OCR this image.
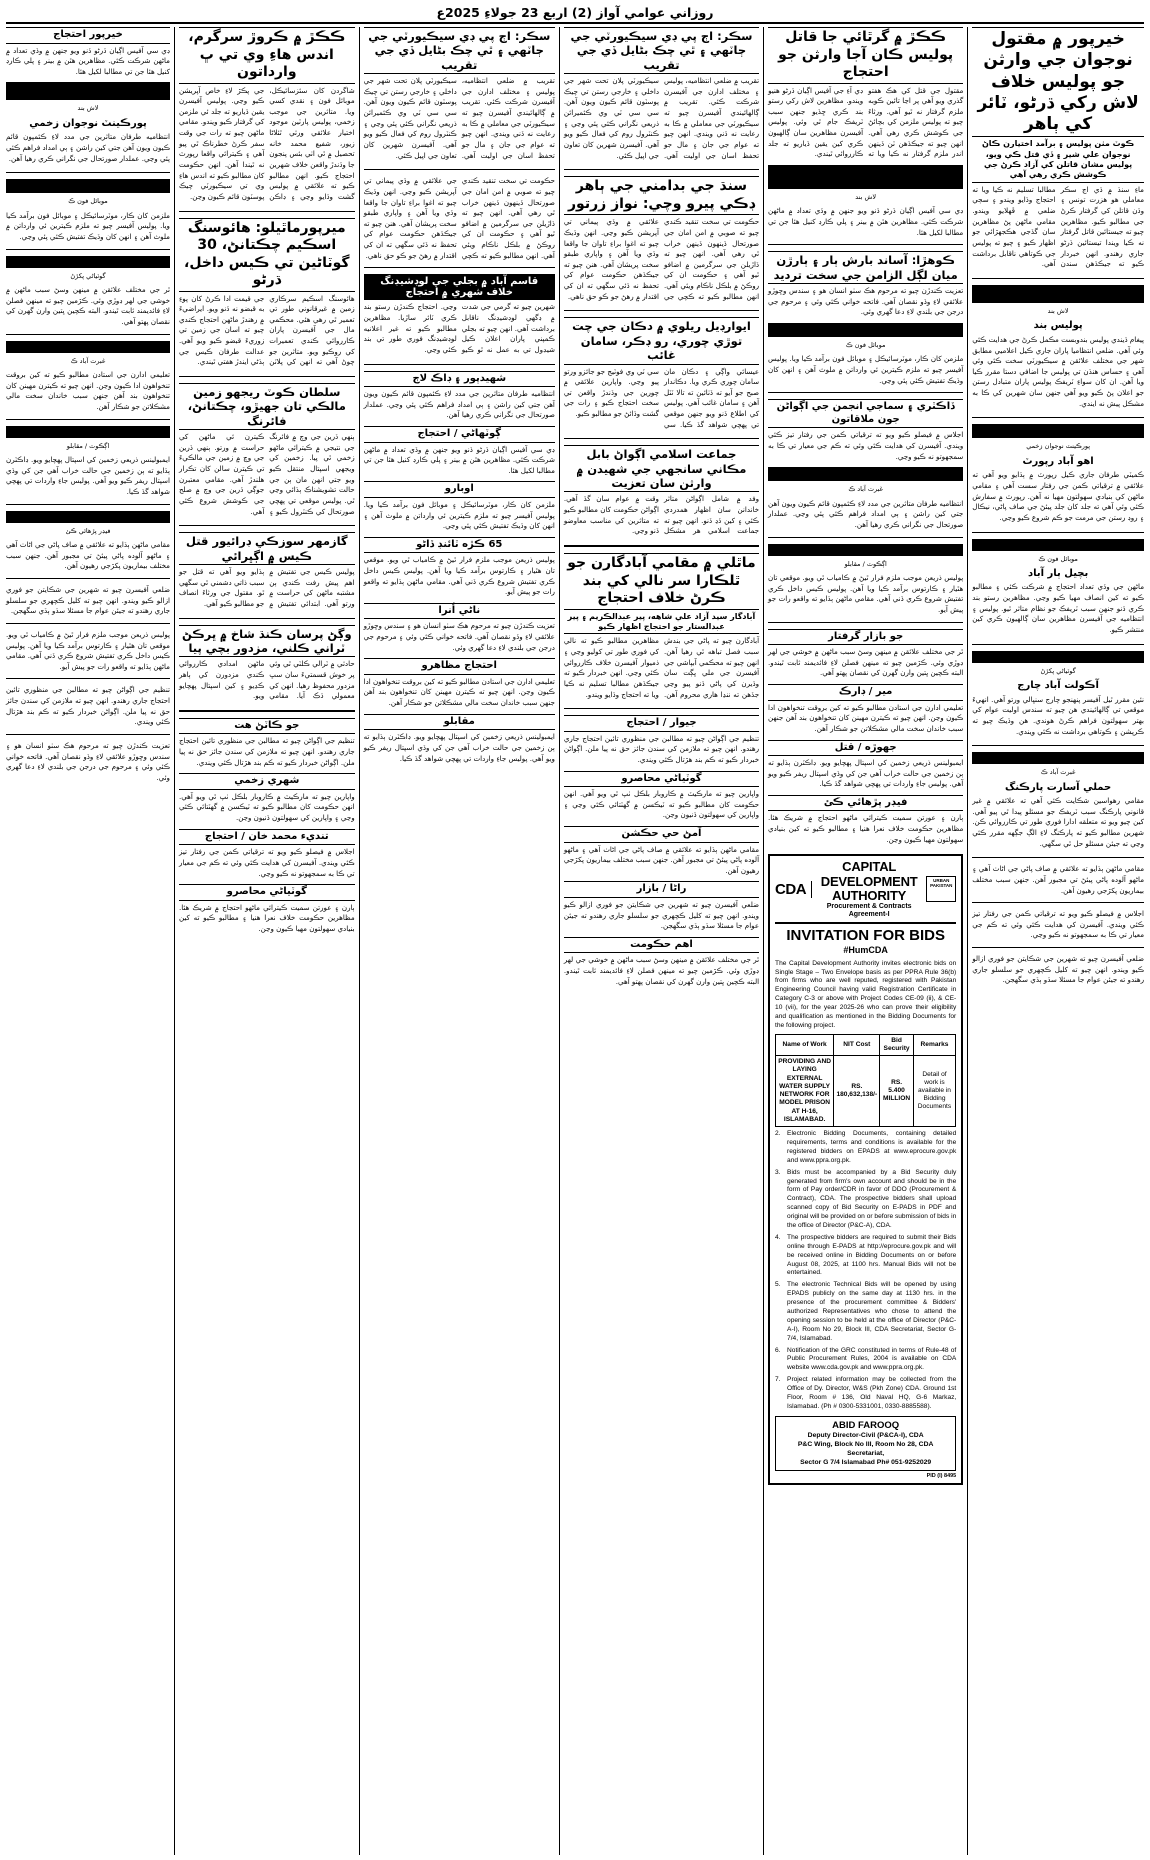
روزاني عوامي آواز (2) اربع 23 جولاءِ 2025ع
خيرپور ۾ مقتول نوجوان جي وارثن جو پوليس خلاف لاش رکي ڌرڻو، ٽائر کي ٻاهر
ڪوٽ مٺن پوليس ۽ برآمد اختيارن ڪاڻ نوجوان علي شير ۽ ڏي قتل ڪي ويو، پوليس مشان قاتلن کي آزاد ڪرڻ جي ڪوشش ڪري رهي آهي
ماءِ سنڌ ۾ ڏي اڄ سڪر معاملي هو هزرت تونس ۽ وڌن قاتلن کي گرفتار ڪرڻ جي مطالبو ڪيو. مظاهرين چيو ته جيستائين قاتل گرفتار نه ڪيا ويندا تيستائين ڌرڻو جاري رهندو. انهن خبردار ڪيو ته جيڪڏهن سندن مطالبا تسليم نه ڪيا ويا ته احتجاج وڌايو ويندو ۽ سڄي ضلعي ۾ ڦهلايو ويندو. مقامي ماڻهن پڻ مظاهرين سان گڏجي هڪجهڙائي جو اظهار ڪيو ۽ چيو ته پوليس جي ڪوتاهي ناقابل برداشت آهي.
لاش بند
پولیس بند
پيغام ڏيندي پوليس بندوبست مڪمل ڪرڻ جي هدايت ڪئي وئي آهي. ضلعي انتظاميا پاران جاري ڪيل اعلاميي مطابق شهر جي مختلف علائقن ۾ سيڪيورٽي سخت ڪئي وئي آهي ۽ حساس هنڌن تي پوليس جا اضافي دستا مقرر ڪيا ويا آهن. ان کان سواءِ ٽريفڪ پوليس پاران متبادل رستن جو اعلان پڻ ڪيو ويو آهي جنهن سان شهرين کي ڪا به مشڪل پيش نه ايندي.
پورڪينٽ نوجوان زخمي
اهو آباد رپورٽ
ڪميٽي طرفان جاري ڪيل رپورٽ ۾ ٻڌايو ويو آهي ته علائقي ۾ ترقياتي ڪمن جي رفتار سست آهي ۽ مقامي ماڻهن کي بنيادي سهولتون مهيا نه آهن. رپورٽ ۾ سفارش ڪئي وئي آهي ته جلد کان جلد پيئڻ جي صاف پاڻي، نيڪال ۽ روڊ رستن جي مرمت جو ڪم شروع ڪيو وڃي.
موبائل فون ڪ
بچيل ٻار آباد
ماڻهن جي وڏي تعداد احتجاج ۾ شرڪت ڪئي ۽ مطالبو ڪيو ته کين انصاف مهيا ڪيو وڃي. مظاهرين رستو بند ڪري ڏنو جنهن سبب ٽريفڪ جو نظام متاثر ٿيو. پوليس ۽ انتظاميه جي آفيسرن مظاهرين سان ڳالهيون ڪري کين منتشر ڪيو.
گوٽياڻي پکڙڻ
آڪولت آباد چارج
نئين مقرر ٿيل آفيسر پنهنجو چارج سنڀالي ورتو آهي. انهيءَ موقعي تي ڳالهائيندي هن چيو ته سندس اوليت عوام کي بهتر سهولتون فراهم ڪرڻ هوندي. هن وڌيڪ چيو ته ڪرپشن ۽ ڪوتاهي برداشت نه ڪئي ويندي.
غبرت آباد ڪ
حملي آسارت پارڪنگ
مقامي رهواسين شڪايت ڪئي آهي ته علائقي ۾ غير قانوني پارڪنگ سبب ٽريفڪ جو مسئلو پيدا ٿي پيو آهي. کين چيو ويو ته متعلقه ادارا فوري طور تي ڪارروائي ڪن. شهرين مطالبو ڪيو ته پارڪنگ لاءِ الڳ جڳهه مقرر ڪئي وڃي ته جيئن مسئلو حل ٿي سگهي.
مقامي ماڻهن ٻڌايو ته علائقي ۾ صاف پاڻي جي اڻاٺ آهي ۽ ماڻهو آلوده پاڻي پيئڻ تي مجبور آهن. جنهن سبب مختلف بيماريون پکڙجي رهيون آهن.
اجلاس ۾ فيصلو ڪيو ويو ته ترقياتي ڪمن جي رفتار تيز ڪئي ويندي. آفيسرن کي هدايت ڪئي وئي ته ڪم جي معيار تي ڪا به سمجهوتو نه ڪيو وڃي.
ضلعي آفيسرن چيو ته شهرين جي شڪايتن جو فوري ازالو ڪيو ويندو. انهن چيو ته کليل ڪچهري جو سلسلو جاري رهندو ته جيئن عوام جا مسئلا سڌو ٻڌي سگهجن.
ڪڪڙ ۾ گرٿائي جا قاتل پوليس ڪان آجا وارثن جو احتجاج
مقتول جي قتل کي هڪ هفتو گذري ويو آهي پر اڃا تائين ڪوبه ملزم گرفتار نه ٿيو آهي. ورثاءَ چيو ته پوليس ملزمن کي بچائڻ جي ڪوشش ڪري رهي آهي. انهن چيو ته جيڪڏهن ٽن ڏينهن اندر ملزم گرفتار نه ڪيا ويا ته ڊي آءِ جي آفيس اڳيان ڌرڻو هنيو ويندو. مظاهرين لاش رکي رستو بند ڪري ڇڏيو جنهن سبب ٽريفڪ جام ٿي وئي. پوليس آفيسرن مظاهرين سان ڳالهيون ڪري کين يقين ڏياريو ته جلد ڪارروائي ٿيندي.
لاش بند
ڊي سي آفيس اڳيان ڌرڻو ڏنو ويو جنهن ۾ وڏي تعداد ۾ ماڻهن شرڪت ڪئي. مظاهرين هٿن ۾ بينر ۽ پلي ڪارڊ کنيل هئا جن تي مطالبا لکيل هئا.
ڪوهڙا: آساند بارش ٻار ۽ ٻارڙن ميان لڳل الزامن جي سخت ترديد
تعزيت ڪندڙن چيو ته مرحوم هڪ سٺو انسان هو ۽ سندس وڇوڙو علائقي لاءِ وڏو نقصان آهي. فاتحه خواني ڪئي وئي ۽ مرحوم جي درجن جي بلندي لاءِ دعا گهري وئي.
موبائل فون ڪ
ملزمن کان ڪار، موٽرسائيڪل ۽ موبائل فون برآمد ڪيا ويا. پوليس آفيسر چيو ته ملزم ڪيترين ئي وارداتن ۾ ملوث آهن ۽ انهن کان وڌيڪ تفتيش ڪئي پئي وڃي.
ڏاڪٽري ۽ سماجي انجمن جي اڳواڻن جون ملاقاتون
اجلاس ۾ فيصلو ڪيو ويو ته ترقياتي ڪمن جي رفتار تيز ڪئي ويندي. آفيسرن کي هدايت ڪئي وئي ته ڪم جي معيار تي ڪا به سمجهوتو نه ڪيو وڃي.
غبرت آباد ڪ
انتظاميه طرفان متاثرين جي مدد لاءِ ڪئمپون قائم ڪيون ويون آهن جتي کين راشن ۽ ٻي امداد فراهم ڪئي پئي وڃي. عملدار صورتحال جي نگراني ڪري رهيا آهن.
اڳڪوٽ / مقابلو
پوليس ذريعن موجب ملزم فرار ٿيڻ ۾ ڪامياب ٿي ويو. موقعي تان هٿيار ۽ ڪارتوس برآمد ڪيا ويا آهن. پوليس ڪيس داخل ڪري تفتيش شروع ڪري ڏني آهي. مقامي ماڻهن ٻڌايو ته واقعو رات جو پيش آيو.
جو بازار گرفتار
ٿر جي مختلف علائقن ۾ مينهن وسڻ سبب ماڻهن ۾ خوشي جي لهر ڊوڙي وئي. ڪڙمين چيو ته مينهن فصلن لاءِ فائديمند ثابت ٿيندو. البته ڪچين ڀتين وارن گهرن کي نقصان پهتو آهي.
مير / ڊارڪ
تعليمي ادارن جي استادن مطالبو ڪيو ته کين بروقت تنخواهون ادا ڪيون وڃن. انهن چيو ته ڪيترن مهينن کان تنخواهون بند آهن جنهن سبب خاندان سخت مالي مشڪلاتن جو شڪار آهن.
جهوڙه / قتل
ايمبولينس ذريعي زخمين کي اسپتال پهچايو ويو. ڊاڪٽرن ٻڌايو ته ٻن زخمين جي حالت خراب آهي جن کي وڏي اسپتال ريفر ڪيو ويو آهي. پوليس جاءِ واردات تي پهچي شواهد گڏ ڪيا.
فيڊر پڙهائي ڪئ
ٻارن ۽ عورتن سميت ڪيترائي ماڻهو احتجاج ۾ شريڪ هئا. مظاهرين حڪومت خلاف نعرا هنيا ۽ مطالبو ڪيو ته کين بنيادي سهولتون مهيا ڪيون وڃن.
CDA
CAPITAL DEVELOPMENT AUTHORITY
Procurement & Contracts Agreement-I
URBAN PAKISTAN
INVITATION FOR BIDS
#HumCDA
The Capital Development Authority invites electronic bids on Single Stage – Two Envelope basis as per PPRA Rule 36(b) from firms who are well reputed, registered with Pakistan Engineering Council having valid Registration Certificate in Category C-3 or above with Project Codes CE-09 (ii), & CE-10 (vii), for the year 2025-26 who can prove their eligibility and qualification as mentioned in the Bidding Documents for the following project.
Name of Work	NIT Cost	Bid Security	Remarks
PROVIDING AND LAYING EXTERNAL WATER SUPPLY NETWORK FOR MODEL PRISON AT H-16, ISLAMABAD.	RS. 180,632,138/-	RS. 5.400 MILLION	Detail of work is available in Bidding Documents
2. Electronic Bidding Documents, containing detailed requirements, terms and conditions is available for the registered bidders on EPADS at www.eprocure.gov.pk and www.ppra.org.pk.
3. Bids must be accompanied by a Bid Security duly generated from firm's own account and should be in the form of Pay order/CDR in favor of DDO (Procurement & Contract), CDA. The prospective bidders shall upload scanned copy of Bid Security on E-PADS in PDF and original will be provided on or before submission of bids in the office of Director (P&C-A), CDA.
4. The prospective bidders are required to submit their Bids online through E-PADS at http://eprocure.gov.pk and will be received online in Bidding Documents on or before August 08, 2025, at 1100 hrs. Manual Bids will not be entertained.
5. The electronic Technical Bids will be opened by using EPADS publicly on the same day at 1130 hrs. in the presence of the procurement committee & Bidders' authorized Representatives who chose to attend the opening session to be held at the office of Director (P&C-A-I), Room No 29, Block III, CDA Secretariat, Sector G-7/4, Islamabad.
6. Notification of the GRC constituted in terms of Rule-48 of Public Procurement Rules, 2004 is available on CDA website www.cda.gov.pk and www.ppra.org.pk.
7. Project related information may be collected from the Office of Dy. Director, W&S (Pkh Zone) CDA. Ground 1st Floor, Room # 136, Old Naval HQ, G-6 Markaz, Islamabad. (Ph # 0300-5331001, 0330-8885588).
ABID FAROOQ
Deputy Director-Civil (P&CA-I), CDA
P&C Wing, Block No III, Room No 28, CDA Secretariat,
Sector G 7/4 Islamabad Ph# 051-9252029
PID (I) 8495
سڪر: اڄ پي ڊي سيڪيورٽي جي ڄاٽهي ۽ ٿي چڪ بڻايل ڏي جي تقريب
تقريب ۾ ضلعي انتظاميه، پوليس ۽ مختلف ادارن جي آفيسرن شرڪت ڪئي. تقريب ۾ ڳالهائيندي آفيسرن چيو ته سيڪيورٽي جي معاملي ۾ ڪا به رعايت نه ڏني ويندي. انهن چيو ته عوام جي جان ۽ مال جو تحفظ اسان جي اوليت آهي. سيڪيورٽي پلان تحت شهر جي داخلي ۽ خارجي رستن تي چيڪ پوسٽون قائم ڪيون ويون آهن. سي سي ٽي وي ڪئميرائن ذريعي نگراني ڪئي پئي وڃي ۽ ڪنٽرول روم کي فعال ڪيو ويو آهي. آفيسرن شهرين کان تعاون جي اپيل ڪئي.
سنڌ جي بدامني جي ٻاهر ڊڪي پيرو وچي: نواز زرتور
حڪومت تي سخت تنقيد ڪندي چيو ته صوبي ۾ امن امان جي صورتحال ڏينهون ڏينهن خراب ٿي رهي آهي. انهن چيو ته ڌاڙيلن جي سرگرمين ۾ اضافو ٿيو آهي ۽ حڪومت ان کي روڪڻ ۾ بلڪل ناڪام ويئي آهي. انهن مطالبو ڪيو ته ڪچي جي علائقي ۾ وڏي پيماني تي آپريشن ڪيو وڃي. انهن وڌيڪ چيو ته اغوا براءِ تاوان جا واقعا وڌي ويا آهن ۽ واپاري طبقو سخت پريشان آهي. هنن چيو ته جيڪڏهن حڪومت عوام کي تحفظ نه ڏئي سگهي ته ان کي اقتدار ۾ رهڻ جو ڪو حق ناهي.
ايوارڊيل ريلوي ۾ دڪان جي چت توڙي چوري، رو ڊڪر، سامان غائب
عيسائي واڳي ۽ دڪان مان سامان چوري ڪري ويا. دڪاندار صبح جو آيو ته ڏٺائين ته تالا ٽٽل آهن ۽ سامان غائب آهي. پوليس کي اطلاع ڏنو ويو جنهن موقعي تي پهچي شواهد گڏ ڪيا. سي سي ٽي وي فوٽيج جو جائزو ورتو پيو وڃي. واپارين علائقي ۾ چورين جي وڌندڙ واقعن تي سخت احتجاج ڪيو ۽ رات جي گشت وڌائڻ جو مطالبو ڪيو.
جماعت اسلامي اڳواڻ بابل مڪاني سانجهي جي شهيدن ۾ وارثن سان تعزيت
وفد ۾ شامل اڳواڻن متاثر خاندانن سان اظهار همدردي ڪئي ۽ کين ڏڍ ڏنو. انهن چيو ته جماعت اسلامي هر مشڪل وقت ۾ عوام سان گڏ آهي. اڳواڻن حڪومت کان مطالبو ڪيو ته متاثرين کي مناسب معاوضو ڏنو وڃي.
ماٿلي ۾ مقامي آبادگارن جو ٿلڪارا سر نالي کي بند ڪرڻ خلاف احتجاج
آبادگار سيد آزاد علي شاهه، پير عبدالڪريم ۽ پير عبدالستار جو احتجاج اظهار ڪيو
آبادگارن چيو ته پاڻي جي بندش سبب فصل تباهه ٿي رهيا آهن. انهن چيو ته محڪمي آبپاشي جي آفيسرن جي ملي ڀڳت سان وڏيرن کي پاڻي ڏنو پيو وڃي جڏهن ته ننڍا هاري محروم آهن. مظاهرين مطالبو ڪيو ته نالي کي فوري طور تي کوليو وڃي ۽ ذميوار آفيسرن خلاف ڪارروائي ڪئي وڃي. انهن خبردار ڪيو ته جيڪڏهن مطالبا تسليم نه ڪيا ويا ته احتجاج وڌايو ويندو.
جيوار / احتجاج
تنظيم جي اڳواڻن چيو ته مطالبن جي منظوري تائين احتجاج جاري رهندو. انهن چيو ته ملازمن کي سندن جائز حق نه پيا ملن. اڳواڻن خبردار ڪيو ته ڪم بند هڙتال ڪئي ويندي.
گوٽياڻي محاصرو
واپارين چيو ته مارڪيٽ ۾ ڪاروبار بلڪل ٺپ ٿي ويو آهي. انهن حڪومت کان مطالبو ڪيو ته ٽيڪسن ۾ گهٽتائي ڪئي وڃي ۽ واپارين کي سهولتون ڏنيون وڃن.
آمڻ حي حڪشن
مقامي ماڻهن ٻڌايو ته علائقي ۾ صاف پاڻي جي اڻاٺ آهي ۽ ماڻهو آلوده پاڻي پيئڻ تي مجبور آهن. جنهن سبب مختلف بيماريون پکڙجي رهيون آهن.
راڻا / بازار
ضلعي آفيسرن چيو ته شهرين جي شڪايتن جو فوري ازالو ڪيو ويندو. انهن چيو ته کليل ڪچهري جو سلسلو جاري رهندو ته جيئن عوام جا مسئلا سڌو ٻڌي سگهجن.
اهم حڪومت
ٿر جي مختلف علائقن ۾ مينهن وسڻ سبب ماڻهن ۾ خوشي جي لهر ڊوڙي وئي. ڪڙمين چيو ته مينهن فصلن لاءِ فائديمند ثابت ٿيندو. البته ڪچين ڀتين وارن گهرن کي نقصان پهتو آهي.
سڪر: اڄ پي ڊي سيڪيورٽي جي ڄاٽهي ۽ ٿي چڪ بڻايل ڏي جي تقريب
تقريب ۾ ضلعي انتظاميه، پوليس ۽ مختلف ادارن جي آفيسرن شرڪت ڪئي. تقريب ۾ ڳالهائيندي آفيسرن چيو ته سيڪيورٽي جي معاملي ۾ ڪا به رعايت نه ڏني ويندي. انهن چيو ته عوام جي جان ۽ مال جو تحفظ اسان جي اوليت آهي. سيڪيورٽي پلان تحت شهر جي داخلي ۽ خارجي رستن تي چيڪ پوسٽون قائم ڪيون ويون آهن. سي سي ٽي وي ڪئميرائن ذريعي نگراني ڪئي پئي وڃي ۽ ڪنٽرول روم کي فعال ڪيو ويو آهي. آفيسرن شهرين کان تعاون جي اپيل ڪئي.
حڪومت تي سخت تنقيد ڪندي چيو ته صوبي ۾ امن امان جي صورتحال ڏينهون ڏينهن خراب ٿي رهي آهي. انهن چيو ته ڌاڙيلن جي سرگرمين ۾ اضافو ٿيو آهي ۽ حڪومت ان کي روڪڻ ۾ بلڪل ناڪام ويئي آهي. انهن مطالبو ڪيو ته ڪچي جي علائقي ۾ وڏي پيماني تي آپريشن ڪيو وڃي. انهن وڌيڪ چيو ته اغوا براءِ تاوان جا واقعا وڌي ويا آهن ۽ واپاري طبقو سخت پريشان آهي. هنن چيو ته جيڪڏهن حڪومت عوام کي تحفظ نه ڏئي سگهي ته ان کي اقتدار ۾ رهڻ جو ڪو حق ناهي.
قاسم آباد ۾ بجلي جي لوڊشيڊنگ خلاف شهري ۾ احتجاج
شهرين چيو ته گرمي جي شدت ۾ ڊگهي لوڊشيڊنگ ناقابل برداشت آهي. انهن چيو ته بجلي ڪمپني پاران اعلان ڪيل شيڊول تي به عمل نه ٿو ڪيو وڃي. احتجاج ڪندڙن رستو بند ڪري ٽائر ساڙيا. مظاهرين مطالبو ڪيو ته غير اعلانيه لوڊشيڊنگ فوري طور تي بند ڪئي وڃي.
شهيدپور ۽ ڊاڪ لاڄ
انتظاميه طرفان متاثرين جي مدد لاءِ ڪئمپون قائم ڪيون ويون آهن جتي کين راشن ۽ ٻي امداد فراهم ڪئي پئي وڃي. عملدار صورتحال جي نگراني ڪري رهيا آهن.
ڳوٽهاڻي / احتجاج
ڊي سي آفيس اڳيان ڌرڻو ڏنو ويو جنهن ۾ وڏي تعداد ۾ ماڻهن شرڪت ڪئي. مظاهرين هٿن ۾ بينر ۽ پلي ڪارڊ کنيل هئا جن تي مطالبا لکيل هئا.
اوبارو
ملزمن کان ڪار، موٽرسائيڪل ۽ موبائل فون برآمد ڪيا ويا. پوليس آفيسر چيو ته ملزم ڪيترين ئي وارداتن ۾ ملوث آهن ۽ انهن کان وڌيڪ تفتيش ڪئي پئي وڃي.
65 ڪڙه ٽائنڊ ڏاڻو
پوليس ذريعن موجب ملزم فرار ٿيڻ ۾ ڪامياب ٿي ويو. موقعي تان هٿيار ۽ ڪارتوس برآمد ڪيا ويا آهن. پوليس ڪيس داخل ڪري تفتيش شروع ڪري ڏني آهي. مقامي ماڻهن ٻڌايو ته واقعو رات جو پيش آيو.
ناڻي اُنرا
تعزيت ڪندڙن چيو ته مرحوم هڪ سٺو انسان هو ۽ سندس وڇوڙو علائقي لاءِ وڏو نقصان آهي. فاتحه خواني ڪئي وئي ۽ مرحوم جي درجن جي بلندي لاءِ دعا گهري وئي.
احتجاج مظاهرو
تعليمي ادارن جي استادن مطالبو ڪيو ته کين بروقت تنخواهون ادا ڪيون وڃن. انهن چيو ته ڪيترن مهينن کان تنخواهون بند آهن جنهن سبب خاندان سخت مالي مشڪلاتن جو شڪار آهن.
مقابلو
ايمبولينس ذريعي زخمين کي اسپتال پهچايو ويو. ڊاڪٽرن ٻڌايو ته ٻن زخمين جي حالت خراب آهي جن کي وڏي اسپتال ريفر ڪيو ويو آهي. پوليس جاءِ واردات تي پهچي شواهد گڏ ڪيا.
ڪڪڙ ۾ ڪروڙ سرگرم، اندس ھاءِ وي تي ڀ وارداتون
شاگردن کان سئزسائيڪل، موبائل فون ۽ نقدي کسي ويا. متاثرين جي موجب زخمي، پوليس پارٽين موجود اختيار علائقي ورثي ٿئلاڻا زيور، شفيع محمد خانه تحصيل ۾ ٿي اٺي بئس پنجون جا وڌندڙ واقعن خلاف شهرين احتجاج ڪيو. انهن مطالبو ڪيو ته علائقي ۾ پوليس گشت وڌايو وڃي ۽ ڊاڪن جي پڪڙ لاءِ خاص آپريشن ڪيو وڃي. پوليس آفيسرن يقين ڏياريو ته جلد ئي ملزمن کي گرفتار ڪيو ويندو. مقامي ماڻهن چيو ته رات جي وقت سفر ڪرڻ خطرناڪ ٿي پيو آهي ۽ ڪيترائي واقعا رپورٽ نه ٿيندا آهن. انهن حڪومت کان مطالبو ڪيو ته اندس هاءِ وي تي سيڪيورٽي چيڪ پوسٽون قائم ڪيون وڃن.
ميرپورماٿيلو: هائوسنگ اسڪيم چڪتانڻ، 30 گوٽاڻين تي ڪيس داخل، ڌرڻو
ھائوسنگ اسڪيم سرڪاري زمين ۾ غيرقانوني طور تي تعمير ٿي رهي هئي. محڪمي مال جي آفيسرن پاران ڪارروائي ڪندي تعميرات کي روڪيو ويو. متاثرين جو چوڻ آهي ته انهن کي پلاٽن جي قيمت ادا ڪرڻ کان پوءِ به قبضو نه ڏنو ويو. ايراضيءَ ۾ رهندڙ ماڻهن احتجاج ڪندي چيو ته اسان جي زمين تي زوريءَ قبضو ڪيو ويو آهي. عدالت طرفان ڪيس جي ٻڌڻي ايندڙ هفتي ٿيندي.
سلطان ڪوٽ ريجهو زمين مالڪي تان جهيڙو، چڪتانڻ، فائرنگ
ٻنهي ڌرين جي وچ ۾ فائرنگ جي نتيجي ۾ ڪيترائي ماڻهو زخمي ٿي پيا. زخمين کي ويجهي اسپتال منتقل ڪيو ويو جتي انهن مان ٻن جي حالت تشويشناڪ ٻڌائي وڃي ٿي. پوليس موقعي تي پهچي صورتحال کي ڪنٽرول ڪيو ۽ ڪيترن ئي ماڻهن کي حراست ۾ ورتو. ٻنهي ڌرين جي وچ ۾ زمين جي مالڪيءَ تي ڪيترن سالن کان تڪرار هلندڙ آهي. مقامي معتبرن جوڳي ڌرين جي وچ ۾ صلح جي ڪوشش شروع ڪئي آهي.
گازمهر سوزڪي ڊرائيور قتل ڪيس ۾ اڳڀرائي
پوليس ڪيس جي تفتيش ۾ اهم پيش رفت ڪندي ٻن مشتبه ماڻهن کي حراست ۾ ورتو آهي. ابتدائي تفتيش ۾ ٻڌايو ويو آهي ته قتل جو سبب ذاتي دشمني ٿي سگهي ٿو. مقتول جي ورثاءَ انصاف جو مطالبو ڪيو آهي.
وڳڻ پرسان ڪنڌ شاخ ۾ ڀرڪڻ ٽراني ڪلني، مزدور بچي پيا
حادثي ۾ ٽرالي ڪلٽي ٿي وئي پر خوش قسمتيءَ سان سڀ مزدور محفوظ رهيا. انهن کي معمولي ڌڪ آيا. مقامي ماڻهن امدادي ڪارروائي ڪندي مزدورن کي ٻاهر ڪڍيو ۽ کين اسپتال پهچايو ويو.
جو ڪاٽڻ هت
تنظيم جي اڳواڻن چيو ته مطالبن جي منظوري تائين احتجاج جاري رهندو. انهن چيو ته ملازمن کي سندن جائز حق نه پيا ملن. اڳواڻن خبردار ڪيو ته ڪم بند هڙتال ڪئي ويندي.
شهري زخمي
واپارين چيو ته مارڪيٽ ۾ ڪاروبار بلڪل ٺپ ٿي ويو آهي. انهن حڪومت کان مطالبو ڪيو ته ٽيڪسن ۾ گهٽتائي ڪئي وڃي ۽ واپارين کي سهولتون ڏنيون وڃن.
تنديء محمد خان / احتجاج
اجلاس ۾ فيصلو ڪيو ويو ته ترقياتي ڪمن جي رفتار تيز ڪئي ويندي. آفيسرن کي هدايت ڪئي وئي ته ڪم جي معيار تي ڪا به سمجهوتو نه ڪيو وڃي.
گوٽياڻي محاصرو
ٻارن ۽ عورتن سميت ڪيترائي ماڻهو احتجاج ۾ شريڪ هئا. مظاهرين حڪومت خلاف نعرا هنيا ۽ مطالبو ڪيو ته کين بنيادي سهولتون مهيا ڪيون وڃن.
خيرپور احتجاج
ڊي سي آفيس اڳيان ڌرڻو ڏنو ويو جنهن ۾ وڏي تعداد ۾ ماڻهن شرڪت ڪئي. مظاهرين هٿن ۾ بينر ۽ پلي ڪارڊ کنيل هئا جن تي مطالبا لکيل هئا.
لاش بند
پورڪينٽ نوجوان زخمي
انتظاميه طرفان متاثرين جي مدد لاءِ ڪئمپون قائم ڪيون ويون آهن جتي کين راشن ۽ ٻي امداد فراهم ڪئي پئي وڃي. عملدار صورتحال جي نگراني ڪري رهيا آهن.
موبائل فون ڪ
ملزمن کان ڪار، موٽرسائيڪل ۽ موبائل فون برآمد ڪيا ويا. پوليس آفيسر چيو ته ملزم ڪيترين ئي وارداتن ۾ ملوث آهن ۽ انهن کان وڌيڪ تفتيش ڪئي پئي وڃي.
گوٽياڻي پکڙڻ
ٿر جي مختلف علائقن ۾ مينهن وسڻ سبب ماڻهن ۾ خوشي جي لهر ڊوڙي وئي. ڪڙمين چيو ته مينهن فصلن لاءِ فائديمند ثابت ٿيندو. البته ڪچين ڀتين وارن گهرن کي نقصان پهتو آهي.
غبرت آباد ڪ
تعليمي ادارن جي استادن مطالبو ڪيو ته کين بروقت تنخواهون ادا ڪيون وڃن. انهن چيو ته ڪيترن مهينن کان تنخواهون بند آهن جنهن سبب خاندان سخت مالي مشڪلاتن جو شڪار آهن.
اڳڪوٽ / مقابلو
ايمبولينس ذريعي زخمين کي اسپتال پهچايو ويو. ڊاڪٽرن ٻڌايو ته ٻن زخمين جي حالت خراب آهي جن کي وڏي اسپتال ريفر ڪيو ويو آهي. پوليس جاءِ واردات تي پهچي شواهد گڏ ڪيا.
فيڊر پڙهائي ڪئ
مقامي ماڻهن ٻڌايو ته علائقي ۾ صاف پاڻي جي اڻاٺ آهي ۽ ماڻهو آلوده پاڻي پيئڻ تي مجبور آهن. جنهن سبب مختلف بيماريون پکڙجي رهيون آهن.
ضلعي آفيسرن چيو ته شهرين جي شڪايتن جو فوري ازالو ڪيو ويندو. انهن چيو ته کليل ڪچهري جو سلسلو جاري رهندو ته جيئن عوام جا مسئلا سڌو ٻڌي سگهجن.
پوليس ذريعن موجب ملزم فرار ٿيڻ ۾ ڪامياب ٿي ويو. موقعي تان هٿيار ۽ ڪارتوس برآمد ڪيا ويا آهن. پوليس ڪيس داخل ڪري تفتيش شروع ڪري ڏني آهي. مقامي ماڻهن ٻڌايو ته واقعو رات جو پيش آيو.
تنظيم جي اڳواڻن چيو ته مطالبن جي منظوري تائين احتجاج جاري رهندو. انهن چيو ته ملازمن کي سندن جائز حق نه پيا ملن. اڳواڻن خبردار ڪيو ته ڪم بند هڙتال ڪئي ويندي.
تعزيت ڪندڙن چيو ته مرحوم هڪ سٺو انسان هو ۽ سندس وڇوڙو علائقي لاءِ وڏو نقصان آهي. فاتحه خواني ڪئي وئي ۽ مرحوم جي درجن جي بلندي لاءِ دعا گهري وئي.
